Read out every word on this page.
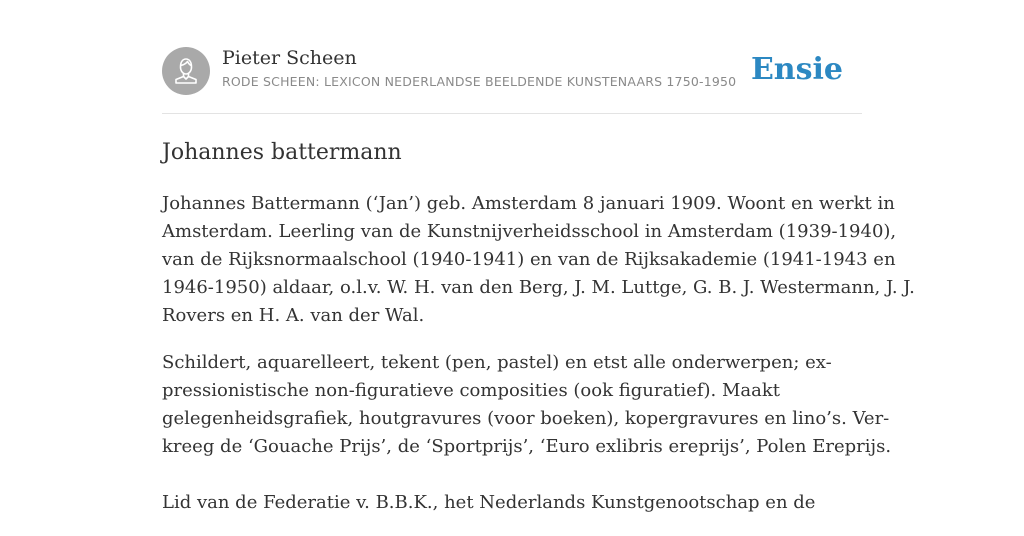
Pieter Scheen
RODE SCHEEN: LEXICON NEDERLANDSE BEELDENDE KUNSTENAARS 1750-1950 Ensie
Johannes battermann

Johannes Battermann (‘Jan’) geb. Amsterdam 8 januari 1909. Woont en werkt in
Amsterdam. Leerling van de Kunstnijverheidsschool in Amsterdam (1939-1940),
van de Rijksnormaalschool (1940-1941) en van de Rijksakademie (1941-1943 en
1946-1950) aldaar, o.l.v. W. H. van den Berg, J. M. Luttge, G. B. J. Westermann, J. J.
Rovers en H. A. van der Wal.

Schildert, aquarelleert, tekent (pen, pastel) en etst alle onderwerpen; ex-
pressionistische non-figuratieve composities (ook figuratief). Maakt
gelegenheidsgrafiek, houtgravures (voor boeken), kopergravures en lino’s. Ver-
kreeg de ‘Gouache Prijs’, de ‘Sportprijs’, ‘Euro exlibris ereprijs’, Polen Ereprijs.

Lid van de Federatie v. B.B.K., het Nederlands Kunstgenootschap en de
